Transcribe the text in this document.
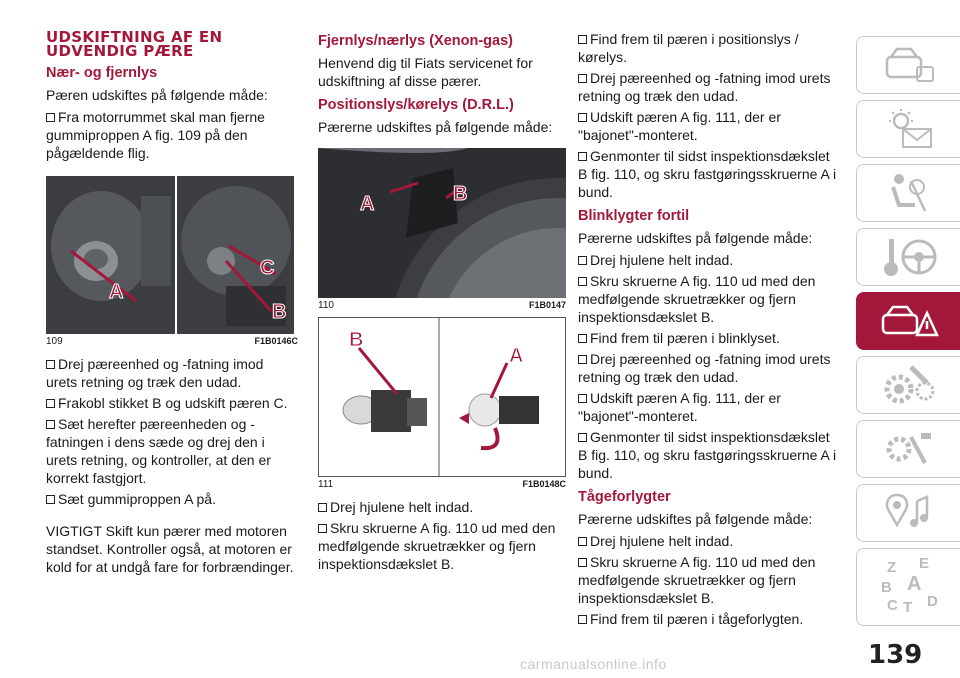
UDSKIFTNING AF EN UDVENDIG PÆRE
Nær- og fjernlys
Pæren udskiftes på følgende måde:
Fra motorrummet skal man fjerne gummiproppen A fig. 109 på den pågældende flig.
A
C
B
109	F1B0146C
Drej pæreenhed og -fatning imod urets retning og træk den udad.
Frakobl stikket B og udskift pæren C.
Sæt herefter pæreenheden og -fatningen i dens sæde og drej den i urets retning, og kontroller, at den er korrekt fastgjort.
Sæt gummiproppen A på.
VIGTIGT Skift kun pærer med motoren standset. Kontroller også, at motoren er kold for at undgå fare for forbrændinger.
Fjernlys/nærlys (Xenon-gas)
Henvend dig til Fiats servicenet for udskiftning af disse pærer.
Positionslys/kørelys (D.R.L.)
Pærerne udskiftes på følgende måde:
A	B
110	F1B0147
B
A
111	F1B0148C
Drej hjulene helt indad.
Skru skruerne A fig. 110 ud med den medfølgende skruetrækker og fjern inspektionsdækslet B.
Find frem til pæren i positionslys / kørelys.
Drej pæreenhed og -fatning imod urets retning og træk den udad.
Udskift pæren A fig. 111, der er "bajonet"-monteret.
Genmonter til sidst inspektionsdækslet B fig. 110, og skru fastgøringsskruerne A i bund.
Blinklygter fortil
Pærerne udskiftes på følgende måde:
Drej hjulene helt indad.
Skru skruerne A fig. 110 ud med den medfølgende skruetrækker og fjern inspektionsdækslet B.
Find frem til pæren i blinklyset.
Drej pæreenhed og -fatning imod urets retning og træk den udad.
Udskift pæren A fig. 111, der er "bajonet"-monteret.
Genmonter til sidst inspektionsdækslet B fig. 110, og skru fastgøringsskruerne A i bund.
Tågeforlygter
Pærerne udskiftes på følgende måde:
Drej hjulene helt indad.
Skru skruerne A fig. 110 ud med den medfølgende skruetrækker og fjern inspektionsdækslet B.
Find frem til pæren i tågeforlygten.
Z E
B A
C T D
139
carmanualsonline.info
